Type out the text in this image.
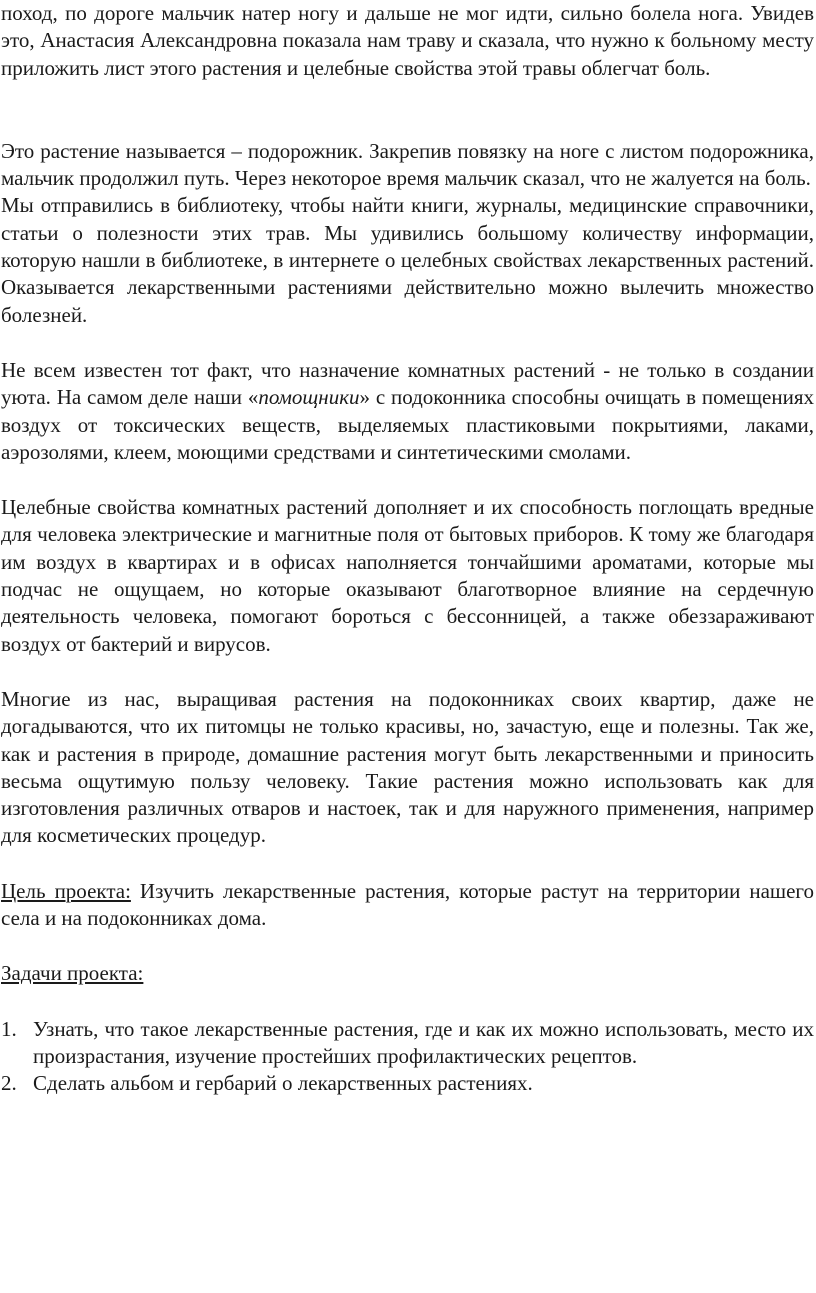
поход, по дороге мальчик натер ногу и дальше не мог идти, сильно болела нога. Увидев это, Анастасия Александровна показала нам траву и сказала, что нужно к больному месту приложить лист этого растения и целебные свойства этой травы облегчат боль.

Это растение называется – подорожник. Закрепив повязку на ноге с листом подорожника, мальчик продолжил путь. Через некоторое время мальчик сказал, что не жалуется на боль.

Мы отправились в библиотеку, чтобы найти книги, журналы, медицинские справочники, статьи о полезности этих трав. Мы удивились большому количеству информации, которую нашли в библиотеке, в интернете о целебных свойствах лекарственных растений. Оказывается лекарственными растениями действительно можно вылечить множество болезней.

Не всем известен тот факт, что назначение комнатных растений - не только в создании уюта. На самом деле наши «помощники» с подоконника способны очищать в помещениях воздух от токсических веществ, выделяемых пластиковыми покрытиями, лаками, аэрозолями, клеем, моющими средствами и синтетическими смолами.

Целебные свойства комнатных растений дополняет и их способность поглощать вредные для человека электрические и магнитные поля от бытовых приборов. К тому же благодаря им воздух в квартирах и в офисах наполняется тончайшими ароматами, которые мы подчас не ощущаем, но которые оказывают благотворное влияние на сердечную деятельность человека, помогают бороться с бессонницей, а также обеззараживают воздух от бактерий и вирусов.

Многие из нас, выращивая растения на подоконниках своих квартир, даже не догадываются, что их питомцы не только красивы, но, зачастую, еще и полезны. Так же, как и растения в природе, домашние растения могут быть лекарственными и приносить весьма ощутимую пользу человеку. Такие растения можно использовать как для изготовления различных отваров и настоек, так и для наружного применения, например для косметических процедур.

Цель проекта: Изучить лекарственные растения, которые растут на территории нашего села и на подоконниках дома.

Задачи проекта:

1. Узнать, что такое лекарственные растения, где и как их можно использовать, место их произрастания, изучение простейших профилактических рецептов.
2. Сделать альбом и гербарий о лекарственных растениях.
